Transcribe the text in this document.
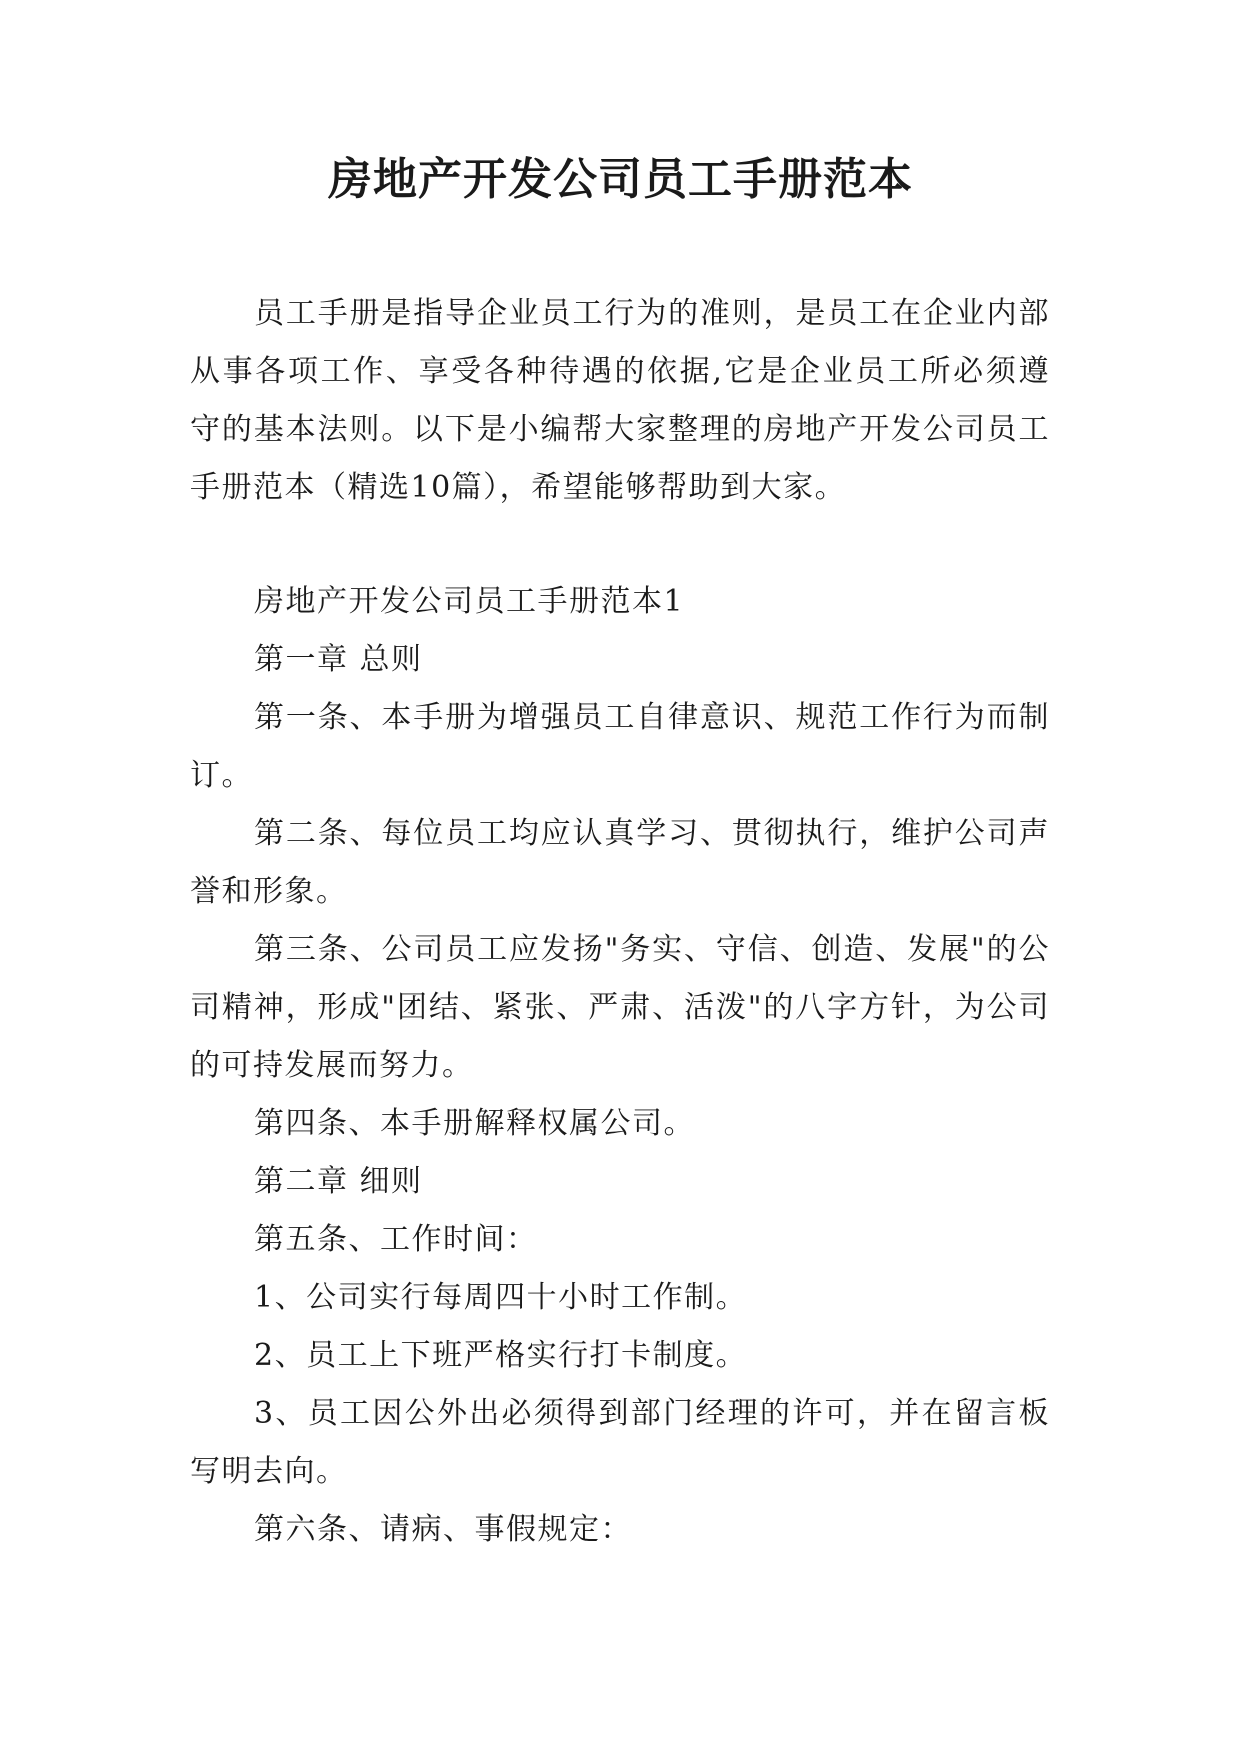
房地产开发公司员工手册范本

员工手册是指导企业员工行为的准则，是员工在企业内部从事各项工作、享受各种待遇的依据,它是企业员工所必须遵守的基本法则。以下是小编帮大家整理的房地产开发公司员工手册范本（精选10篇），希望能够帮助到大家。

房地产开发公司员工手册范本1

第一章 总则

第一条、本手册为增强员工自律意识、规范工作行为而制订。

第二条、每位员工均应认真学习、贯彻执行，维护公司声誉和形象。

第三条、公司员工应发扬"务实、守信、创造、发展"的公司精神，形成"团结、紧张、严肃、活泼"的八字方针，为公司的可持发展而努力。

第四条、本手册解释权属公司。

第二章 细则

第五条、工作时间：

1、公司实行每周四十小时工作制。

2、员工上下班严格实行打卡制度。

3、员工因公外出必须得到部门经理的许可，并在留言板写明去向。

第六条、请病、事假规定：
